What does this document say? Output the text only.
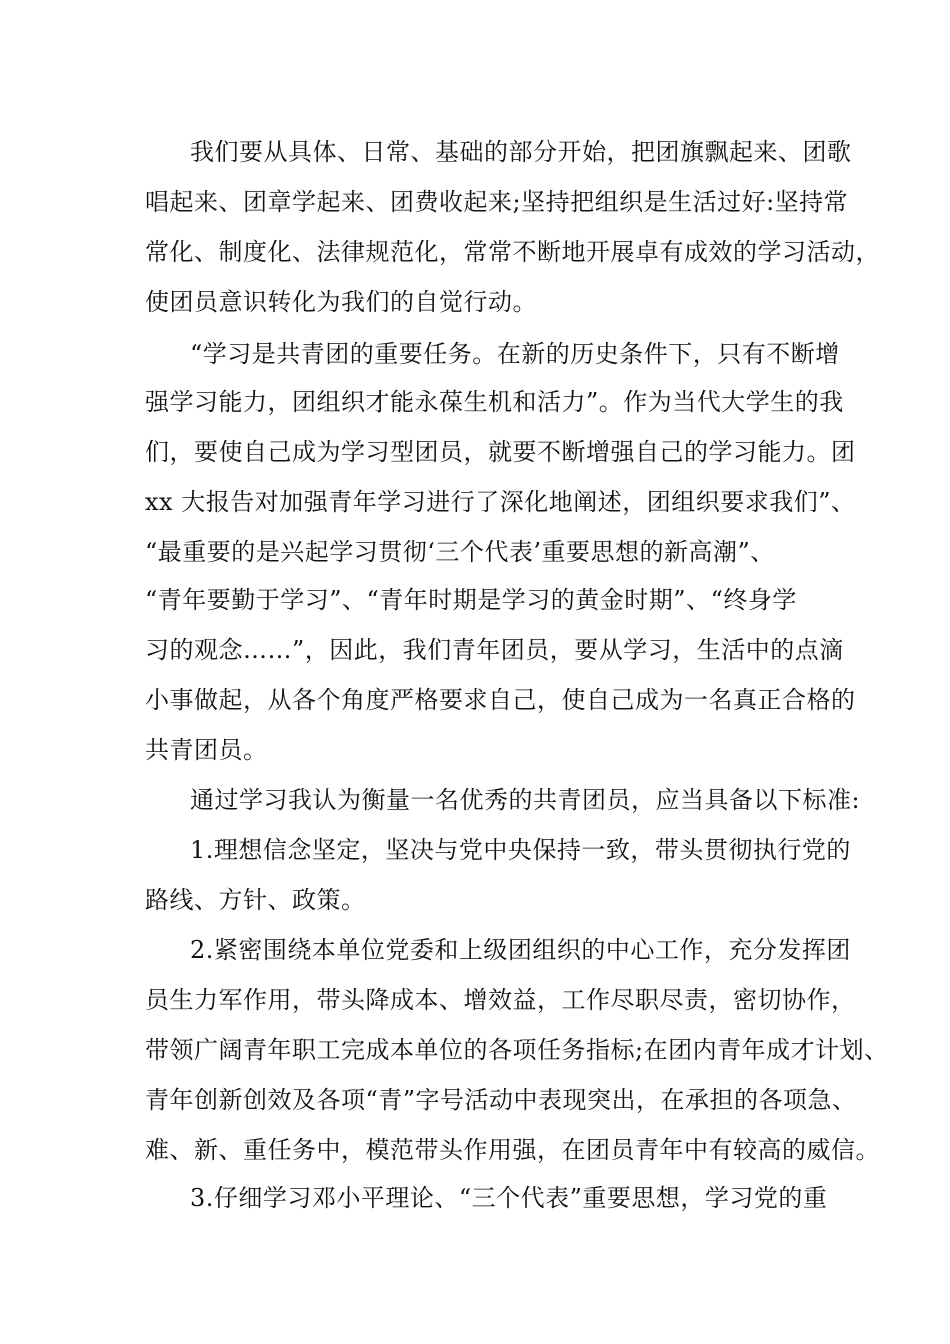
我们要从具体、日常、基础的部分开始，把团旗飘起来、团歌
唱起来、团章学起来、团费收起来;坚持把组织是生活过好:坚持常
常化、制度化、法律规范化，常常不断地开展卓有成效的学习活动，
使团员意识转化为我们的自觉行动。
“学习是共青团的重要任务。在新的历史条件下，只有不断增
强学习能力，团组织才能永葆生机和活力”。作为当代大学生的我
们，要使自己成为学习型团员，就要不断增强自己的学习能力。团
xx 大报告对加强青年学习进行了深化地阐述，团组织要求我们”、
“最重要的是兴起学习贯彻‘三个代表’重要思想的新高潮”、
“青年要勤于学习”、“青年时期是学习的黄金时期”、“终身学
习的观念……”，因此，我们青年团员，要从学习，生活中的点滴
小事做起，从各个角度严格要求自己，使自己成为一名真正合格的
共青团员。
通过学习我认为衡量一名优秀的共青团员，应当具备以下标准:
1.理想信念坚定，坚决与党中央保持一致，带头贯彻执行党的
路线、方针、政策。
2.紧密围绕本单位党委和上级团组织的中心工作，充分发挥团
员生力军作用，带头降成本、增效益，工作尽职尽责，密切协作，
带领广阔青年职工完成本单位的各项任务指标;在团内青年成才计划、
青年创新创效及各项“青”字号活动中表现突出，在承担的各项急、
难、新、重任务中，模范带头作用强，在团员青年中有较高的威信。
3.仔细学习邓小平理论、“三个代表”重要思想，学习党的重
